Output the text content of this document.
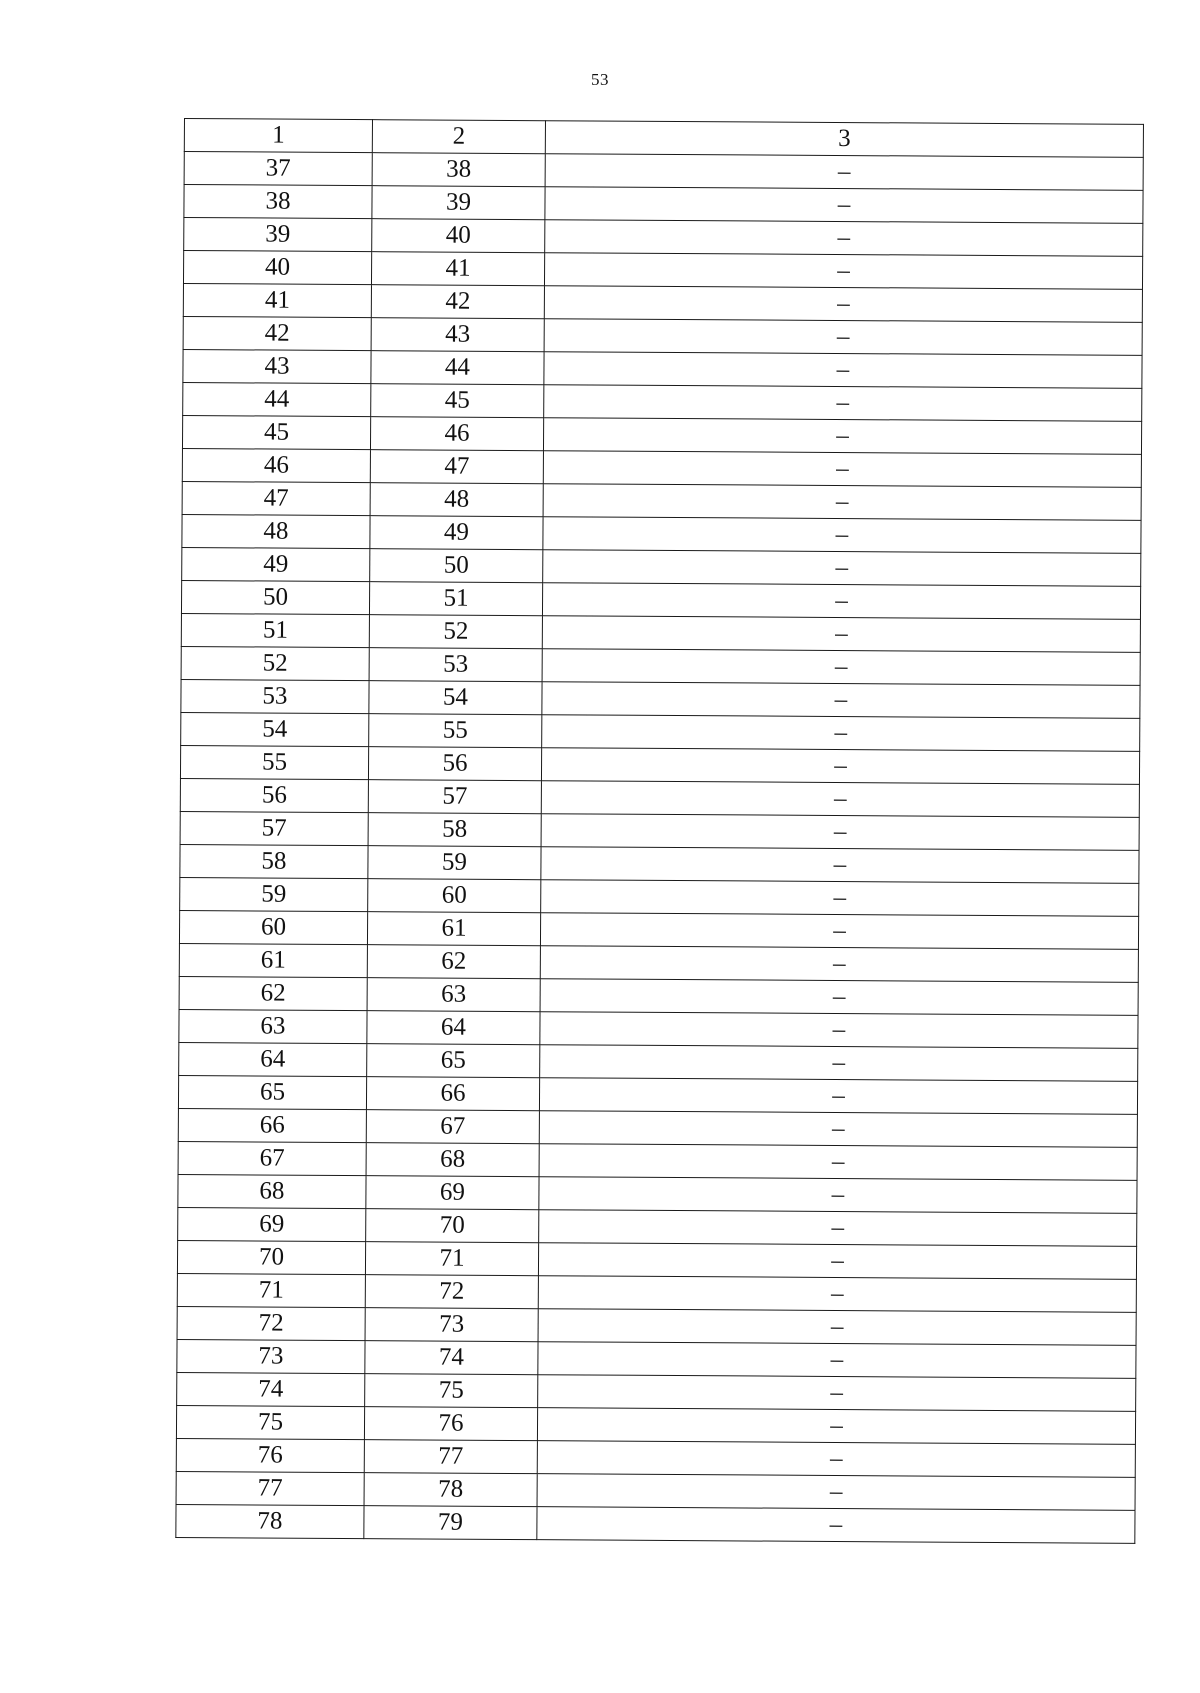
53
1	2	3
37	38	–
38	39	–
39	40	–
40	41	–
41	42	–
42	43	–
43	44	–
44	45	–
45	46	–
46	47	–
47	48	–
48	49	–
49	50	–
50	51	–
51	52	–
52	53	–
53	54	–
54	55	–
55	56	–
56	57	–
57	58	–
58	59	–
59	60	–
60	61	–
61	62	–
62	63	–
63	64	–
64	65	–
65	66	–
66	67	–
67	68	–
68	69	–
69	70	–
70	71	–
71	72	–
72	73	–
73	74	–
74	75	–
75	76	–
76	77	–
77	78	–
78	79	–
